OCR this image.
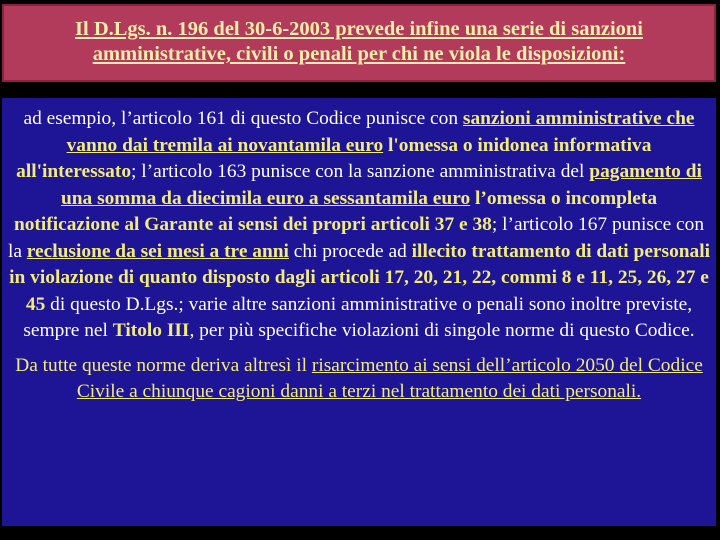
Il D.Lgs. n. 196 del 30-6-2003 prevede infine una serie di sanzioni amministrative, civili o penali per chi ne viola le disposizioni:
ad esempio, l’articolo 161 di questo Codice punisce con sanzioni amministrative che vanno dai tremila ai novantamila euro l'omessa o inidonea informativa all'interessato; l’articolo 163 punisce con la sanzione amministrativa del pagamento di una somma da diecimila euro a sessantamila euro l’omessa o incompleta notificazione al Garante ai sensi dei propri articoli 37 e 38; l’articolo 167 punisce con la reclusione da sei mesi a tre anni chi procede ad illecito trattamento di dati personali in violazione di quanto disposto dagli articoli 17, 20, 21, 22, commi 8 e 11, 25, 26, 27 e 45 di questo D.Lgs.; varie altre sanzioni amministrative o penali sono inoltre previste, sempre nel Titolo III, per più specifiche violazioni di singole norme di questo Codice.
Da tutte queste norme deriva altresì il risarcimento ai sensi dell’articolo 2050 del Codice Civile a chiunque cagioni danni a terzi nel trattamento dei dati personali.
